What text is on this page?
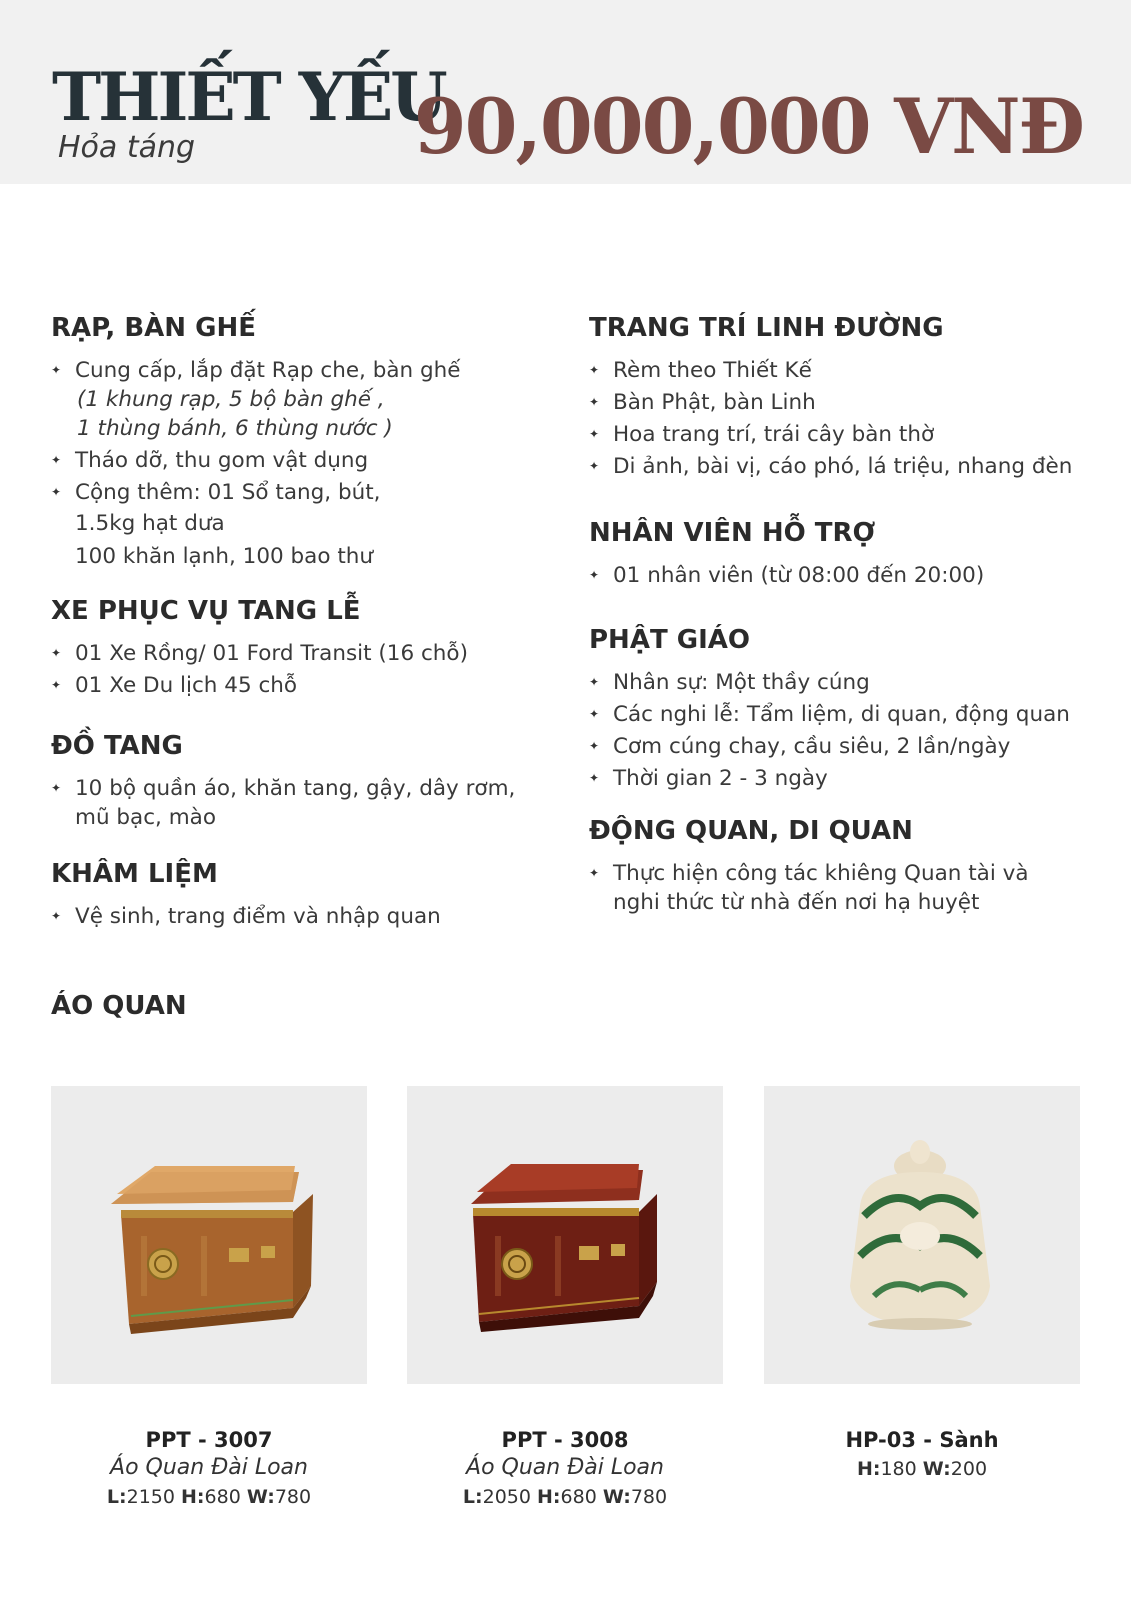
THIẾT YẾU
Hỏa táng	90,000,000 VNĐ
RẠP, BÀN GHẾ
✦ Cung cấp, lắp đặt Rạp che, bàn ghế
(1 khung rạp, 5 bộ bàn ghế ,
1 thùng bánh, 6 thùng nước )
✦ Tháo dỡ, thu gom vật dụng
✦ Cộng thêm: 01 Sổ tang, bút,
1.5kg hạt dưa
100 khăn lạnh, 100 bao thư
XE PHỤC VỤ TANG LỄ
✦ 01 Xe Rồng/ 01 Ford Transit (16 chỗ)
✦ 01 Xe Du lịch 45 chỗ
ĐỒ TANG
✦ 10 bộ quần áo, khăn tang, gậy, dây rơm,
mũ bạc, mào
KHÂM LIỆM
✦ Vệ sinh, trang điểm và nhập quan
TRANG TRÍ LINH ĐƯỜNG
✦ Rèm theo Thiết Kế
✦ Bàn Phật, bàn Linh
✦ Hoa trang trí, trái cây bàn thờ
✦ Di ảnh, bài vị, cáo phó, lá triệu, nhang đèn
NHÂN VIÊN HỖ TRỢ
✦ 01 nhân viên (từ 08:00 đến 20:00)
PHẬT GIÁO
✦ Nhân sự: Một thầy cúng
✦ Các nghi lễ: Tẩm liệm, di quan, động quan
✦ Cơm cúng chay, cầu siêu, 2 lần/ngày
✦ Thời gian 2 - 3 ngày
ĐỘNG QUAN, DI QUAN
✦ Thực hiện công tác khiêng Quan tài và
nghi thức từ nhà đến nơi hạ huyệt
ÁO QUAN
PPT - 3007
Áo Quan Đài Loan
L:2150 H:680 W:780
PPT - 3008
Áo Quan Đài Loan
L:2050 H:680 W:780
HP-03 - Sành
H:180 W:200
